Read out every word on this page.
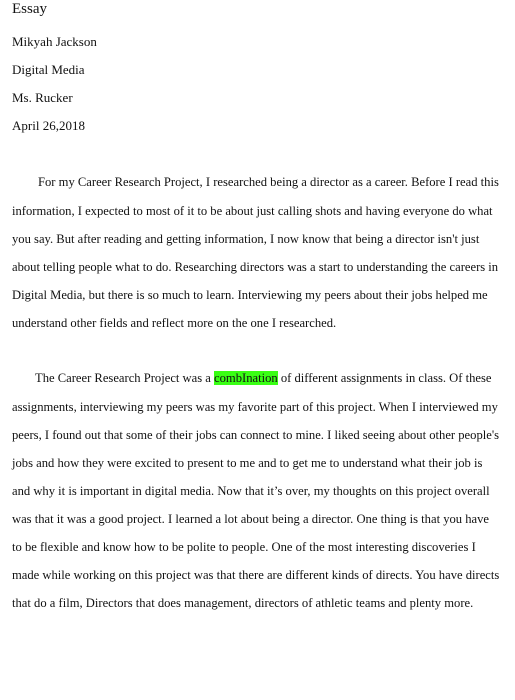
Essay
Mikyah Jackson
Digital Media
Ms. Rucker
April 26,2018
For my Career Research Project, I researched being a director as a career. Before I read this
information, I expected to most of it to be about just calling shots and having everyone do what
you say. But after reading and getting information, I now know that being a director isn't just
about telling people what to do. Researching directors was a start to understanding the careers in
Digital Media, but there is so much to learn. Interviewing my peers about their jobs helped me
understand other fields and reflect more on the one I researched.
The Career Research Project was a combInation of different assignments in class. Of these
assignments, interviewing my peers was my favorite part of this project. When I interviewed my
peers, I found out that some of their jobs can connect to mine. I liked seeing about other people's
jobs and how they were excited to present to me and to get me to understand what their job is
and why it is important in digital media. Now that it’s over, my thoughts on this project overall
was that it was a good project. I learned a lot about being a director. One thing is that you have
to be flexible and know how to be polite to people. One of the most interesting discoveries I
made while working on this project was that there are different kinds of directs. You have directs
that do a film, Directors that does management, directors of athletic teams and plenty more.
